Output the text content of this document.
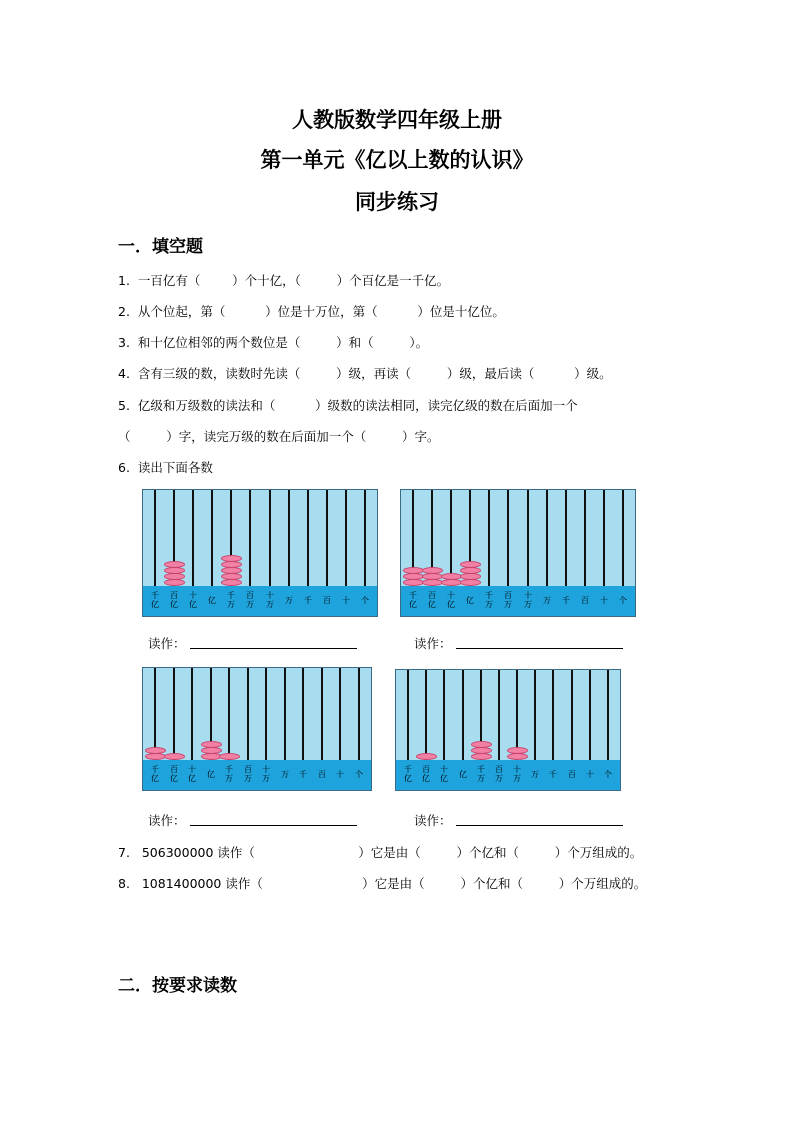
人教版数学四年级上册
第一单元《亿以上数的认识》
同步练习
一．填空题
1.  一百亿有（        ）个十亿，（         ）个百亿是一千亿。
2.  从个位起，第（          ）位是十万位，第（          ）位是十亿位。
3.  和十亿位相邻的两个数位是（         ）和（         ）。
4.  含有三级的数，读数时先读（         ）级，再读（         ）级，最后读（          ）级。
5.  亿级和万级数的读法和（          ）级数的读法相同，读完亿级的数在后面加一个
（         ）字，读完万级的数在后面加一个（         ）字。
6.  读出下面各数
千
亿
百
亿
十
亿 亿
千
万
百
万
十
万 万 千 百 十 个
千
亿
百
亿
十
亿 亿
千
万
百
万
十
万 万 千 百 十 个
千
亿
百
亿
十
亿 亿
千
万
百
万
十
万 万 千 百 十 个
千
亿
百
亿
十
亿 亿
千
万
百
万
十
万 万 千 百 十 个
读作：	读作：
读作：	读作：
7.   506300000 读作（                          ）它是由（         ）个亿和（         ）个万组成的。
8.   1081400000 读作（                         ）它是由（         ）个亿和（         ）个万组成的。
二．按要求读数
